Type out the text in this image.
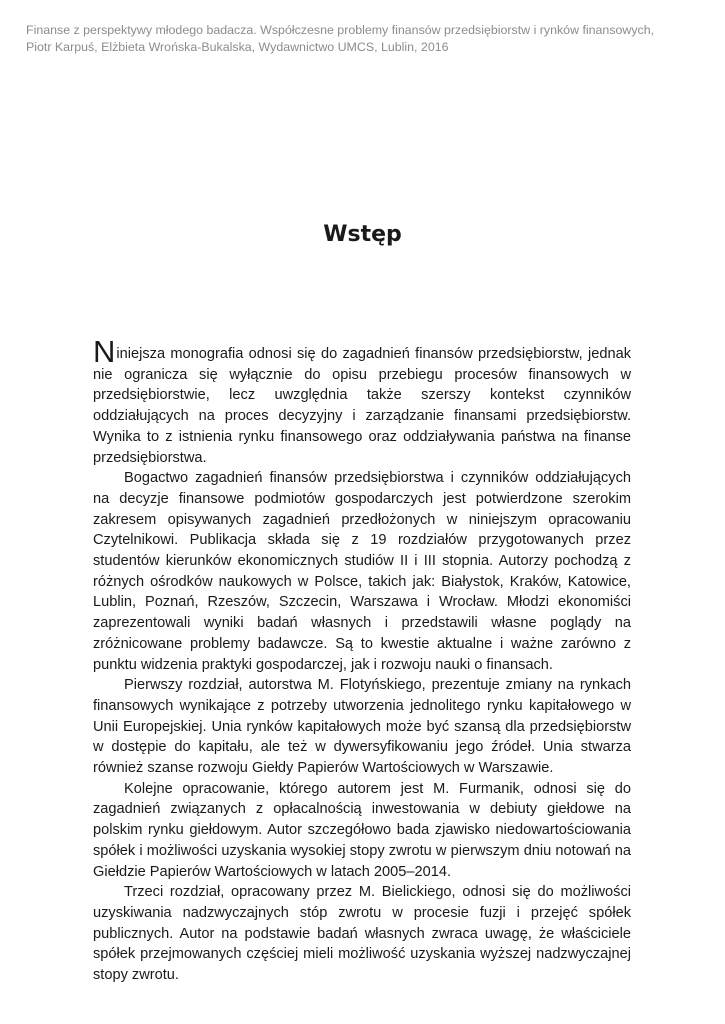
Finanse z perspektywy młodego badacza. Współczesne problemy finansów przedsiębiorstw i rynków finansowych,
Piotr Karpuś, Elżbieta Wrońska-Bukalska, Wydawnictwo UMCS, Lublin, 2016
Wstęp

Niniejsza monografia odnosi się do zagadnień finansów przedsiębiorstw, jednak nie ogranicza się wyłącznie do opisu przebiegu procesów finansowych w przedsiębiorstwie, lecz uwzględnia także szerszy kontekst czynników oddziałujących na proces decyzyjny i zarządzanie finansami przedsiębiorstw. Wynika to z istnienia rynku finansowego oraz oddziaływania państwa na finanse przedsiębiorstwa.

Bogactwo zagadnień finansów przedsiębiorstwa i czynników oddziałujących na decyzje finansowe podmiotów gospodarczych jest potwierdzone szerokim zakresem opisywanych zagadnień przedłożonych w niniejszym opracowaniu Czytelnikowi. Publikacja składa się z 19 rozdziałów przygotowanych przez studentów kierunków ekonomicznych studiów II i III stopnia. Autorzy pochodzą z różnych ośrodków naukowych w Polsce, takich jak: Białystok, Kraków, Katowice, Lublin, Poznań, Rzeszów, Szczecin, Warszawa i Wrocław. Młodzi ekonomiści zaprezentowali wyniki badań własnych i przedstawili własne poglądy na zróżnicowane problemy badawcze. Są to kwestie aktualne i ważne zarówno z punktu widzenia praktyki gospodarczej, jak i rozwoju nauki o finansach.

Pierwszy rozdział, autorstwa M. Flotyńskiego, prezentuje zmiany na rynkach finansowych wynikające z potrzeby utworzenia jednolitego rynku kapitałowego w Unii Europejskiej. Unia rynków kapitałowych może być szansą dla przedsiębiorstw w dostępie do kapitału, ale też w dywersyfikowaniu jego źródeł. Unia stwarza również szanse rozwoju Giełdy Papierów Wartościowych w Warszawie.

Kolejne opracowanie, którego autorem jest M. Furmanik, odnosi się do zagadnień związanych z opłacalnością inwestowania w debiuty giełdowe na polskim rynku giełdowym. Autor szczegółowo bada zjawisko niedowartościowania spółek i możliwości uzyskania wysokiej stopy zwrotu w pierwszym dniu notowań na Giełdzie Papierów Wartościowych w latach 2005–2014.

Trzeci rozdział, opracowany przez M. Bielickiego, odnosi się do możliwości uzyskiwania nadzwyczajnych stóp zwrotu w procesie fuzji i przejęć spółek publicznych. Autor na podstawie badań własnych zwraca uwagę, że właściciele spółek przejmowanych częściej mieli możliwość uzyskania wyższej nadzwyczajnej stopy zwrotu.
